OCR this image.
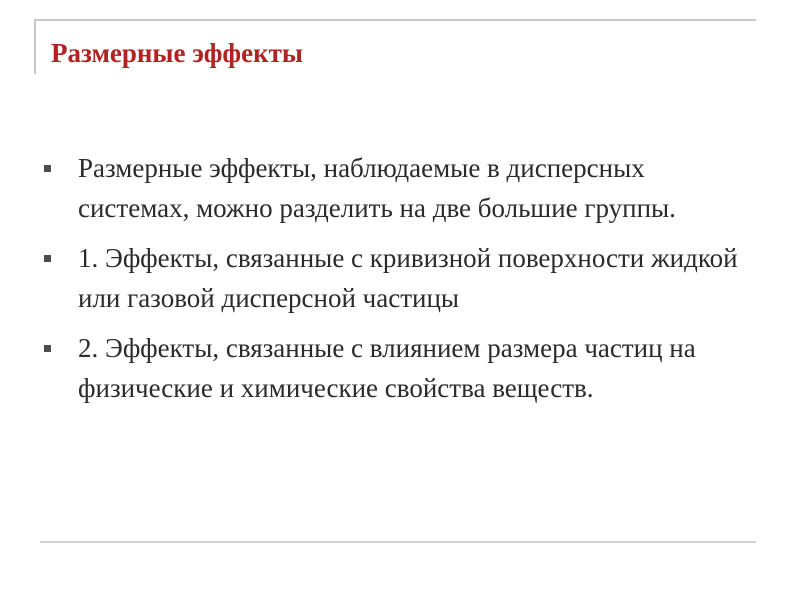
Размерные эффекты
Размерные эффекты, наблюдаемые в дисперсных системах, можно разделить на две большие группы.
1. Эффекты, связанные с кривизной поверхности жидкой или газовой дисперсной частицы
2. Эффекты, связанные с влиянием размера частиц на физические и химические свойства веществ.
